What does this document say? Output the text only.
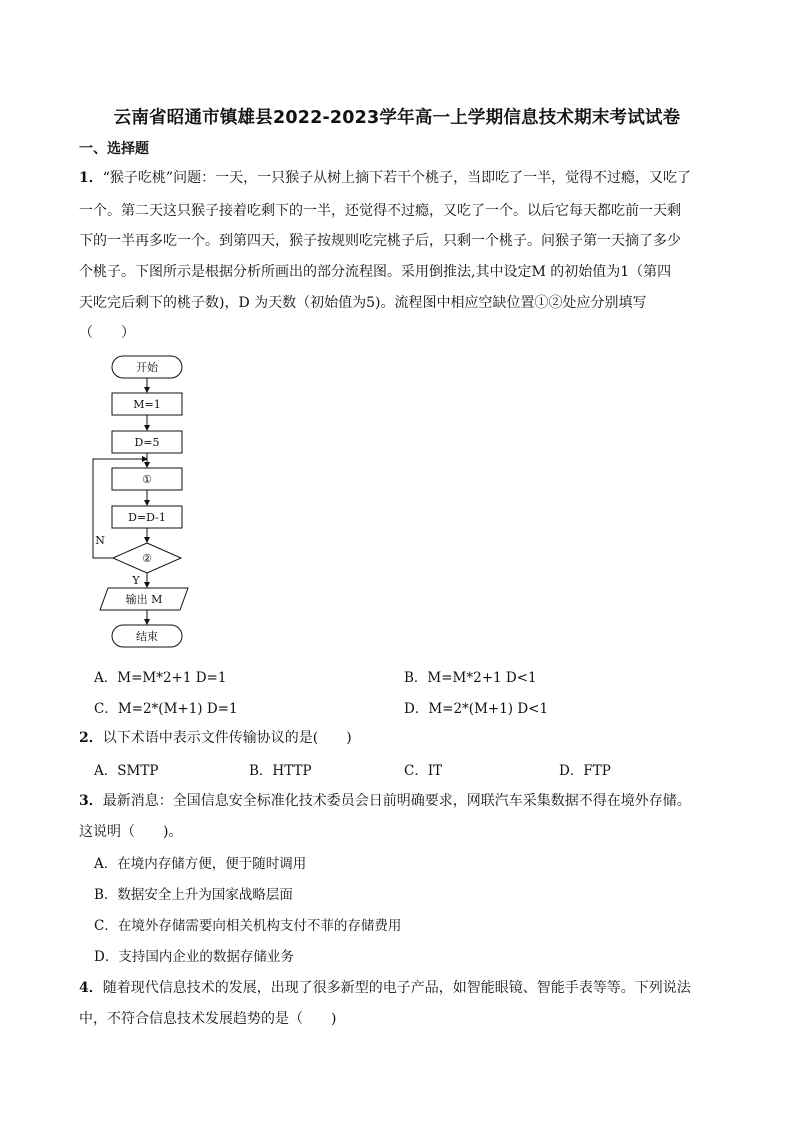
云南省昭通市镇雄县2022-2023学年高一上学期信息技术期末考试试卷
一、选择题
1．“猴子吃桃”问题：一天，一只猴子从树上摘下若干个桃子，当即吃了一半，觉得不过瘾，又吃了
一个。第二天这只猴子接着吃剩下的一半，还觉得不过瘾，又吃了一个。以后它每天都吃前一天剩
下的一半再多吃一个。到第四天，猴子按规则吃完桃子后，只剩一个桃子。问猴子第一天摘了多少
个桃子。下图所示是根据分析所画出的部分流程图。采用倒推法,其中设定M 的初始值为1（第四
天吃完后剩下的桃子数)，D 为天数（初始值为5)。流程图中相应空缺位置①②处应分别填写
（　　）
开始
M=1
D=5
①
D=D-1
②
N
Y
输出 M
结束
A．M=M*2+1 D=1	B．M=M*2+1 D<1
C．M=2*(M+1) D=1	D．M=2*(M+1) D<1
2．以下术语中表示文件传输协议的是(　　)
A．SMTP	B．HTTP	C．IT	D．FTP
3．最新消息：全国信息安全标准化技术委员会日前明确要求，网联汽车采集数据不得在境外存储。
这说明（　　)。
A．在境内存储方便，便于随时调用
B．数据安全上升为国家战略层面
C．在境外存储需要向相关机构支付不菲的存储费用
D．支持国内企业的数据存储业务
4．随着现代信息技术的发展，出现了很多新型的电子产品，如智能眼镜、智能手表等等。下列说法
中，不符合信息技术发展趋势的是（　　)
